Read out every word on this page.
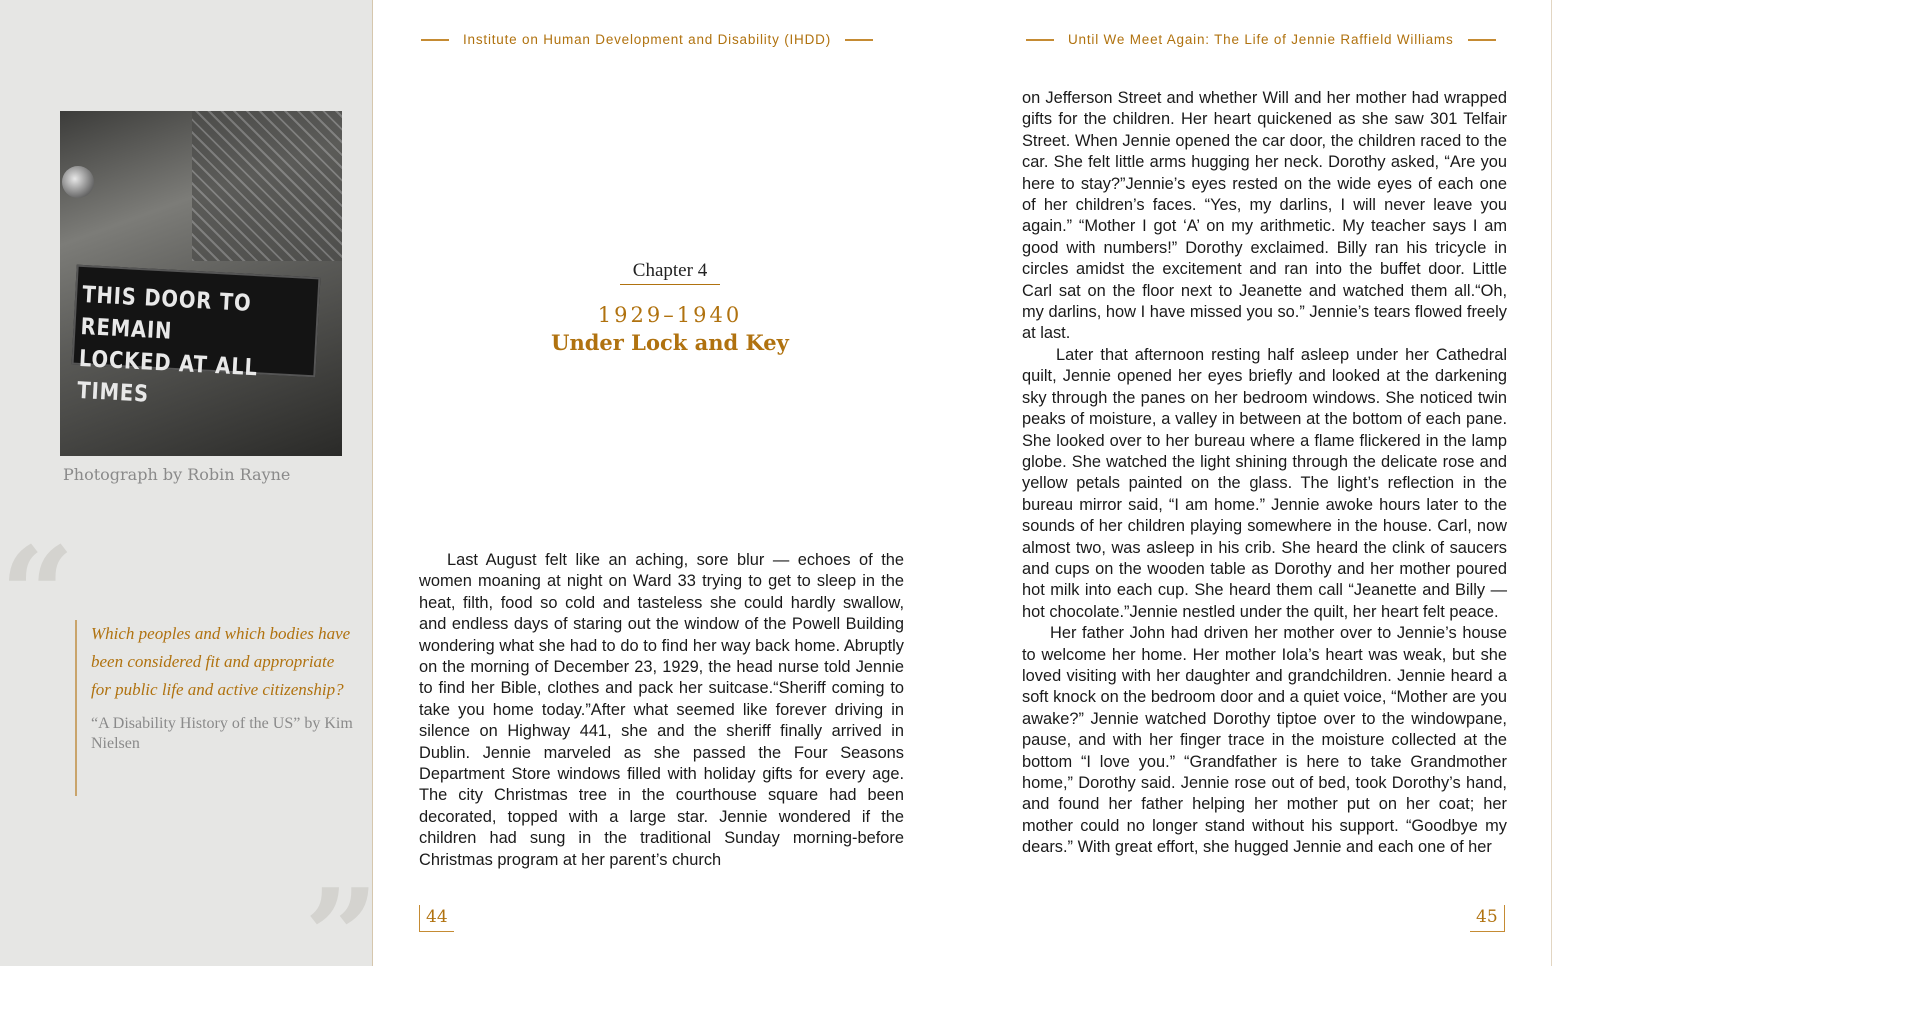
THIS DOOR TO REMAIN
LOCKED AT ALL TIMES
Photograph by Robin Rayne
“ Which peoples and which bodies have been considered fit and appropriate for public life and active citizenship?
“A Disability History of the US” by Kim Nielsen
”
Institute on Human Development and Disability (IHDD)	Until We Meet Again: The Life of Jennie Raffield Williams
Chapter 4
1929–1940
Under Lock and Key

Last August felt like an aching, sore blur — echoes of the women moaning at night on Ward 33 trying to get to sleep in the heat, filth, food so cold and tasteless she could hardly swallow, and endless days of staring out the window of the Powell Building wondering what she had to do to find her way back home. Abruptly on the morning of December 23, 1929, the head nurse told Jennie to find her Bible, clothes and pack her suitcase.“Sheriff coming to take you home today.”After what seemed like forever driving in silence on Highway 441, she and the sheriff finally arrived in Dublin. Jennie marveled as she passed the Four Seasons Department Store windows filled with holiday gifts for every age. The city Christmas tree in the courthouse square had been decorated, topped with a large star. Jennie wondered if the children had sung in the traditional Sunday morning-before Christmas program at her parent’s church

on Jefferson Street and whether Will and her mother had wrapped gifts for the children. Her heart quickened as she saw 301 Telfair Street. When Jennie opened the car door, the children raced to the car. She felt little arms hugging her neck. Dorothy asked, “Are you here to stay?”Jennie’s eyes rested on the wide eyes of each one of her children’s faces. “Yes, my darlins, I will never leave you again.” “Mother I got ‘A’ on my arithmetic. My teacher says I am good with numbers!” Dorothy exclaimed. Billy ran his tricycle in circles amidst the excitement and ran into the buffet door. Little Carl sat on the floor next to Jeanette and watched them all.“Oh, my darlins, how I have missed you so.” Jennie’s tears flowed freely at last.

Later that afternoon resting half asleep under her Cathedral quilt, Jennie opened her eyes briefly and looked at the darkening sky through the panes on her bedroom windows. She noticed twin peaks of moisture, a valley in between at the bottom of each pane. She looked over to her bureau where a flame flickered in the lamp globe. She watched the light shining through the delicate rose and yellow petals painted on the glass. The light’s reflection in the bureau mirror said, “I am home.” Jennie awoke hours later to the sounds of her children playing somewhere in the house. Carl, now almost two, was asleep in his crib. She heard the clink of saucers and cups on the wooden table as Dorothy and her mother poured hot milk into each cup. She heard them call “Jeanette and Billy — hot chocolate.”Jennie nestled under the quilt, her heart felt peace.

Her father John had driven her mother over to Jennie’s house to welcome her home. Her mother Iola’s heart was weak, but she loved visiting with her daughter and grandchildren. Jennie heard a soft knock on the bedroom door and a quiet voice, “Mother are you awake?” Jennie watched Dorothy tiptoe over to the windowpane, pause, and with her finger trace in the moisture collected at the bottom “I love you.” “Grandfather is here to take Grandmother home,” Dorothy said. Jennie rose out of bed, took Dorothy’s hand, and found her father helping her mother put on her coat; her mother could no longer stand without his support. “Goodbye my dears.” With great effort, she hugged Jennie and each one of her

44	45
